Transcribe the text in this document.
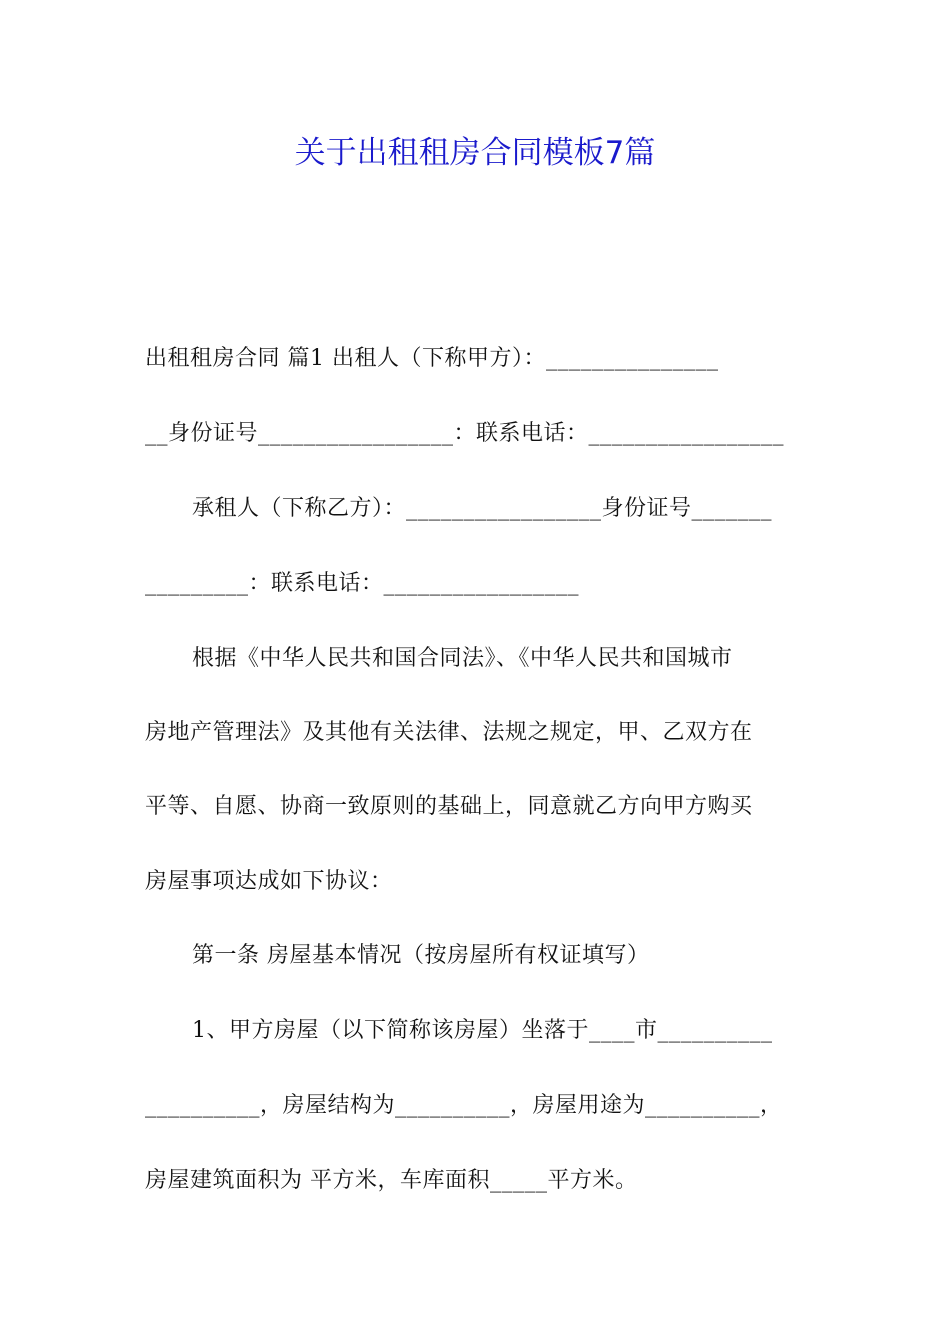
关于出租租房合同模板7篇
出租租房合同 篇1 出租人（下称甲方）：_______________
__身份证号_________________：联系电话：_________________
承租人（下称乙方）：_________________身份证号_______
_________：联系电话：_________________
根据《中华人民共和国合同法》、《中华人民共和国城市
房地产管理法》及其他有关法律、法规之规定，甲、乙双方在
平等、自愿、协商一致原则的基础上，同意就乙方向甲方购买
房屋事项达成如下协议：
第一条 房屋基本情况（按房屋所有权证填写）
1、甲方房屋（以下简称该房屋）坐落于____市__________
__________，房屋结构为__________，房屋用途为__________，
房屋建筑面积为 平方米，车库面积_____平方米。
